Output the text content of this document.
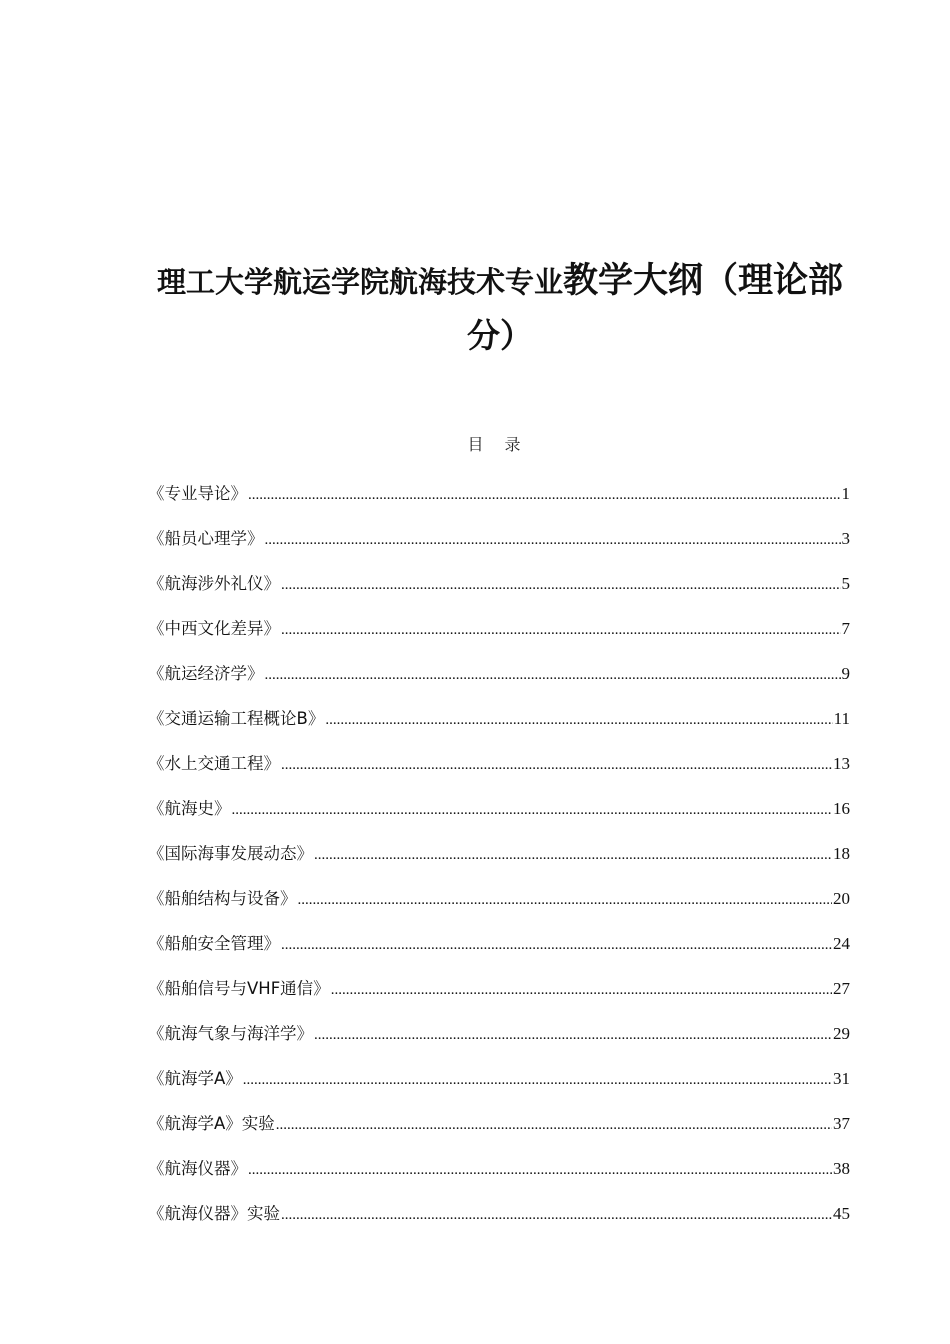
理工大学航运学院航海技术专业教学大纲（理论部
分）
目 录
《专业导论》 .....	1
《船员心理学》 .....	3
《航海涉外礼仪》 .....	5
《中西文化差异》 .....	7
《航运经济学》 .....	9
《交通运输工程概论B》 .....	11
《水上交通工程》 .....	13
《航海史》 .....	16
《国际海事发展动态》 .....	18
《船舶结构与设备》 .....	20
《船舶安全管理》 .....	24
《船舶信号与VHF通信》 .....	27
《航海气象与海洋学》 .....	29
《航海学A》 .....	31
《航海学A》实验 .....	37
《航海仪器》 .....	38
《航海仪器》实验 .....	45
